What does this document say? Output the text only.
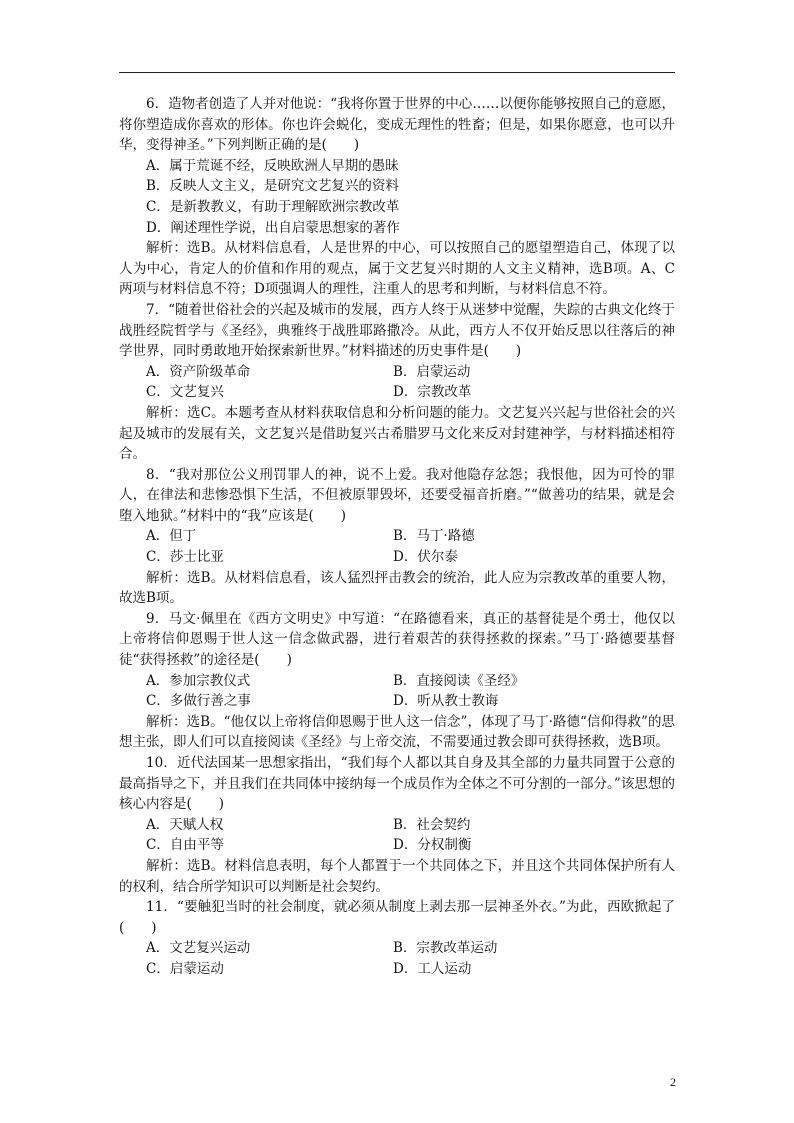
6．造物者创造了人并对他说：“我将你置于世界的中心……以便你能够按照自己的意愿，将你塑造成你喜欢的形体。你也许会蜕化，变成无理性的牲畜；但是，如果你愿意，也可以升华，变得神圣。”下列判断正确的是(　　)

A．属于荒诞不经，反映欧洲人早期的愚昧

B．反映人文主义，是研究文艺复兴的资料

C．是新教教义，有助于理解欧洲宗教改革

D．阐述理性学说，出自启蒙思想家的著作

解析：选B。从材料信息看，人是世界的中心，可以按照自己的愿望塑造自己，体现了以人为中心，肯定人的价值和作用的观点，属于文艺复兴时期的人文主义精神，选B项。A、C两项与材料信息不符；D项强调人的理性，注重人的思考和判断，与材料信息不符。

7．“随着世俗社会的兴起及城市的发展，西方人终于从迷梦中觉醒，失踪的古典文化终于战胜经院哲学与《圣经》，典雅终于战胜耶路撒冷。从此，西方人不仅开始反思以往落后的神学世界，同时勇敢地开始探索新世界。”材料描述的历史事件是(　　)

A．资产阶级革命	B．启蒙运动
C．文艺复兴	D．宗教改革

解析：选C。本题考查从材料获取信息和分析问题的能力。文艺复兴兴起与世俗社会的兴起及城市的发展有关，文艺复兴是借助复兴古希腊罗马文化来反对封建神学，与材料描述相符合。

8．“我对那位公义刑罚罪人的神，说不上爱。我对他隐存忿怨；我恨他，因为可怜的罪人，在律法和悲惨恐惧下生活，不但被原罪毁坏，还要受福音折磨。”“做善功的结果，就是会堕入地狱。”材料中的“我”应该是(　　)

A．但丁	B．马丁·路德
C．莎士比亚	D．伏尔泰

解析：选B。从材料信息看，该人猛烈抨击教会的统治，此人应为宗教改革的重要人物，故选B项。

9．马文·佩里在《西方文明史》中写道：“在路德看来，真正的基督徒是个勇士，他仅以上帝将信仰恩赐于世人这一信念做武器，进行着艰苦的获得拯救的探索。”马丁·路德要基督徒“获得拯救”的途径是(　　)

A．参加宗教仪式	B．直接阅读《圣经》
C．多做行善之事	D．听从教士教诲

解析：选B。“他仅以上帝将信仰恩赐于世人这一信念”，体现了马丁·路德“信仰得救”的思想主张，即人们可以直接阅读《圣经》与上帝交流，不需要通过教会即可获得拯救，选B项。

10．近代法国某一思想家指出，“我们每个人都以其自身及其全部的力量共同置于公意的最高指导之下，并且我们在共同体中接纳每一个成员作为全体之不可分割的一部分。”该思想的核心内容是(　　)

A．天赋人权	B．社会契约
C．自由平等	D．分权制衡

解析：选B。材料信息表明，每个人都置于一个共同体之下，并且这个共同体保护所有人的权利，结合所学知识可以判断是社会契约。

11．“要触犯当时的社会制度，就必须从制度上剥去那一层神圣外衣。”为此，西欧掀起了(　　)

A．文艺复兴运动	B．宗教改革运动
C．启蒙运动	D．工人运动
2
